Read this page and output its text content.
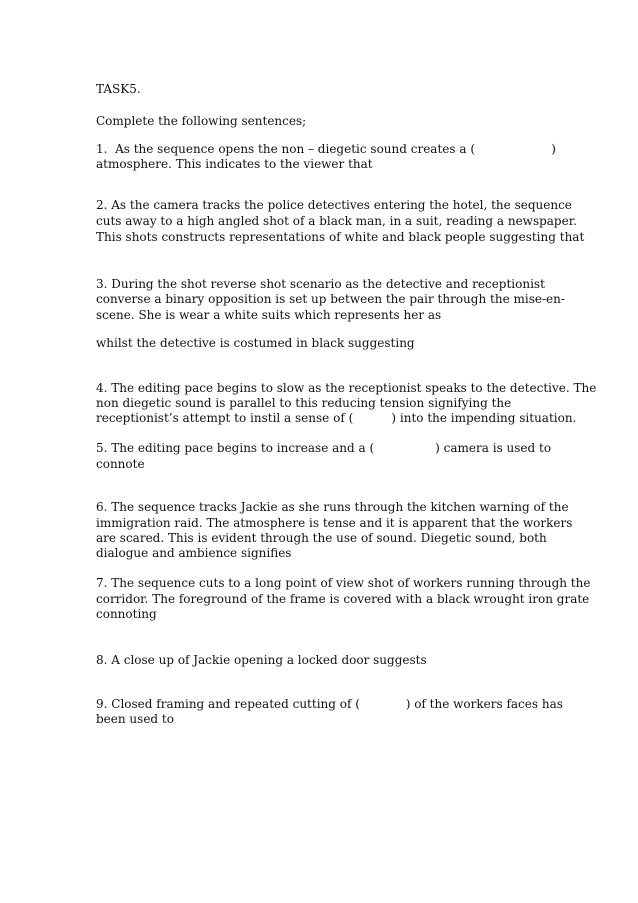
TASK5.
Complete the following sentences;
1.  As the sequence opens the non – diegetic sound creates a (                    )
atmosphere. This indicates to the viewer that
2. As the camera tracks the police detectives entering the hotel, the sequence
cuts away to a high angled shot of a black man, in a suit, reading a newspaper.
This shots constructs representations of white and black people suggesting that
3. During the shot reverse shot scenario as the detective and receptionist
converse a binary opposition is set up between the pair through the mise-en-
scene. She is wear a white suits which represents her as
whilst the detective is costumed in black suggesting
4. The editing pace begins to slow as the receptionist speaks to the detective. The
non diegetic sound is parallel to this reducing tension signifying the
receptionist’s attempt to instil a sense of (          ) into the impending situation.
5. The editing pace begins to increase and a (                ) camera is used to
connote
6. The sequence tracks Jackie as she runs through the kitchen warning of the
immigration raid. The atmosphere is tense and it is apparent that the workers
are scared. This is evident through the use of sound. Diegetic sound, both
dialogue and ambience signifies
7. The sequence cuts to a long point of view shot of workers running through the
corridor. The foreground of the frame is covered with a black wrought iron grate
connoting
8. A close up of Jackie opening a locked door suggests
9. Closed framing and repeated cutting of (            ) of the workers faces has
been used to
